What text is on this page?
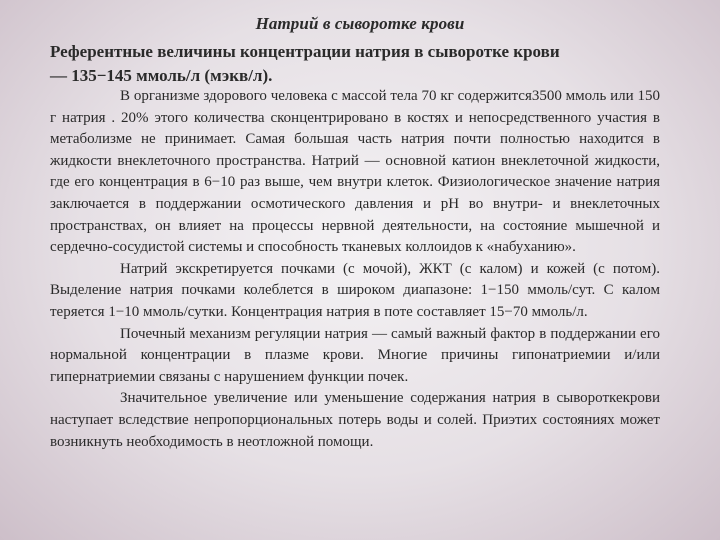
Натрий в сыворотке крови
Референтные величины концентрации натрия в сыворотке крови
— 135−145 ммоль/л (мэкв/л).

В организме здорового человека с массой тела 70 кг содержится3500 ммоль или 150 г натрия . 20% этого количества сконцентрировано в костях и непосредственного участия в метаболизме не принимает. Самая большая часть натрия почти полностью находится в жидкости внеклеточного пространства. Натрий — основной катион внеклеточной жидкости, где его концентрация в 6−10 раз выше, чем внутри клеток. Физиологическое значение натрия заключается в поддержании осмотического давления и pH во внутри- и внеклеточных пространствах, он влияет на процессы нервной деятельности, на состояние мышечной и сердечно-сосудистой системы и способность тканевых коллоидов к «набуханию».

Натрий экскретируется почками (с мочой), ЖКТ (с калом) и кожей (с потом). Выделение натрия почками колеблется в широком диапазоне: 1−150 ммоль/сут. С калом теряется 1−10 ммоль/сутки. Концентрация натрия в поте составляет 15−70 ммоль/л.

Почечный механизм регуляции натрия — самый важный фактор в поддержании его нормальной концентрации в плазме крови. Многие причины гипонатриемии и/или гипернатриемии связаны с нарушением функции почек.

Значительное увеличение или уменьшение содержания натрия в сывороткекрови наступает вследствие непропорциональных потерь воды и солей. Приэтих состояниях может возникнуть необходимость в неотложной помощи.
